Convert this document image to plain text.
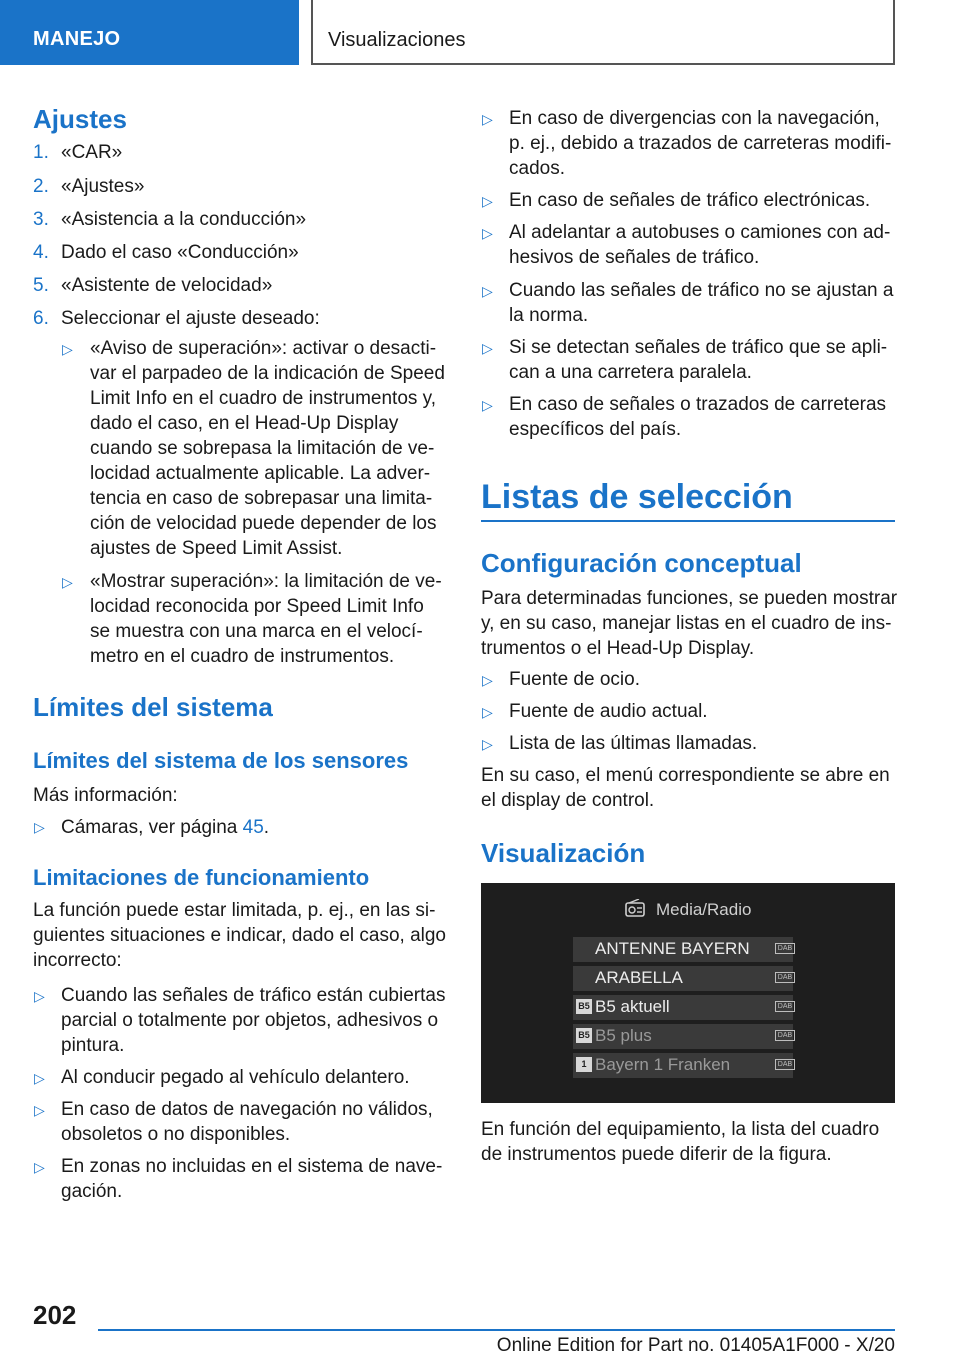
MANEJO	Visualizaciones
Ajustes
1. «CAR»
2. «Ajustes»
3. «Asistencia a la conducción»
4. Dado el caso «Conducción»
5. «Asistente de velocidad»
6. Seleccionar el ajuste deseado:
▷ «Aviso de superación»: activar o desacti-
var el parpadeo de la indicación de Speed
Limit Info en el cuadro de instrumentos y,
dado el caso, en el Head-Up Display
cuando se sobrepasa la limitación de ve-
locidad actualmente aplicable. La adver-
tencia en caso de sobrepasar una limita-
ción de velocidad puede depender de los
ajustes de Speed Limit Assist.
▷ «Mostrar superación»: la limitación de ve-
locidad reconocida por Speed Limit Info
se muestra con una marca en el velocí-
metro en el cuadro de instrumentos.
Límites del sistema
Límites del sistema de los sensores
Más información:
▷ Cámaras, ver página 45.
Limitaciones de funcionamiento
La función puede estar limitada, p. ej., en las si-
guientes situaciones e indicar, dado el caso, algo
incorrecto:
▷ Cuando las señales de tráfico están cubiertas
parcial o totalmente por objetos, adhesivos o
pintura.
▷ Al conducir pegado al vehículo delantero.
▷ En caso de datos de navegación no válidos,
obsoletos o no disponibles.
▷ En zonas no incluidas en el sistema de nave-
gación.
▷ En caso de divergencias con la navegación,
p. ej., debido a trazados de carreteras modifi-
cados.
▷ En caso de señales de tráfico electrónicas.
▷ Al adelantar a autobuses o camiones con ad-
hesivos de señales de tráfico.
▷ Cuando las señales de tráfico no se ajustan a
la norma.
▷ Si se detectan señales de tráfico que se apli-
can a una carretera paralela.
▷ En caso de señales o trazados de carreteras
específicos del país.
Listas de selección
Configuración conceptual
Para determinadas funciones, se pueden mostrar
y, en su caso, manejar listas en el cuadro de ins-
trumentos o el Head-Up Display.
▷ Fuente de ocio.
▷ Fuente de audio actual.
▷ Lista de las últimas llamadas.
En su caso, el menú correspondiente se abre en
el display de control.
Visualización
Media/Radio
ANTENNE BAYERN	DAB
ARABELLA	DAB
B5 B5 aktuell	DAB
B5 B5 plus	DAB
1 Bayern 1 Franken	DAB
En función del equipamiento, la lista del cuadro
de instrumentos puede diferir de la figura.
202
Online Edition for Part no. 01405A1F000 - X/20
